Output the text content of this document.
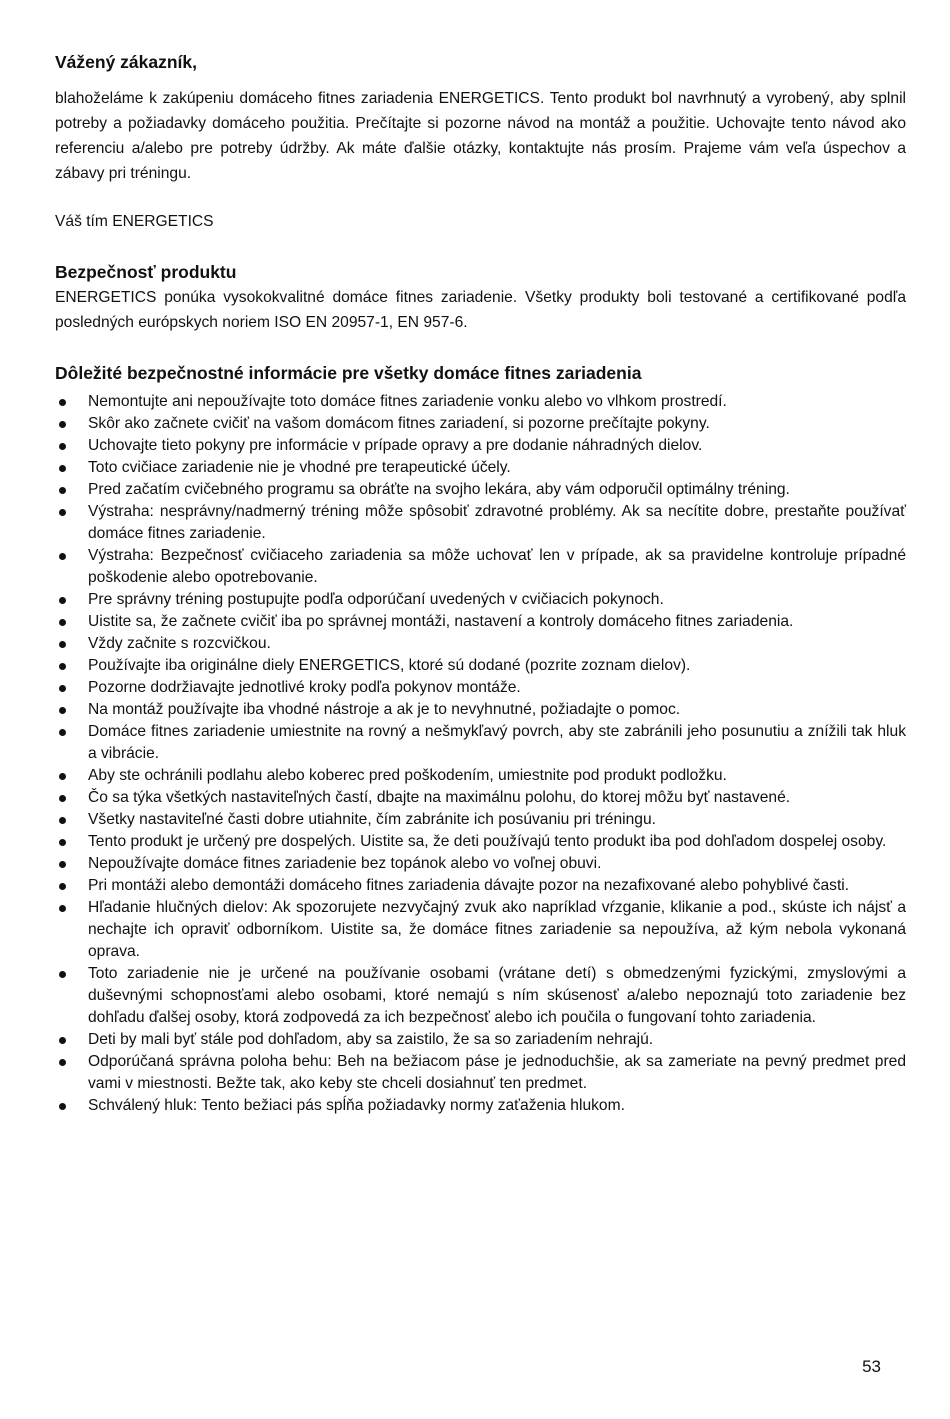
Vážený zákazník,

blahoželáme k zakúpeniu domáceho fitnes zariadenia ENERGETICS. Tento produkt bol navrhnutý a vyrobený, aby splnil potreby a požiadavky domáceho použitia. Prečítajte si pozorne návod na montáž a použitie. Uchovajte tento návod ako referenciu a/alebo pre potreby údržby. Ak máte ďalšie otázky, kontaktujte nás prosím. Prajeme vám veľa úspechov a zábavy pri tréningu.

Váš tím ENERGETICS

Bezpečnosť produktu

ENERGETICS ponúka vysokokvalitné domáce fitnes zariadenie. Všetky produkty boli testované a certifikované podľa posledných európskych noriem ISO EN 20957-1, EN 957-6.

Dôležité bezpečnostné informácie pre všetky domáce fitnes zariadenia
Nemontujte ani nepoužívajte toto domáce fitnes zariadenie vonku alebo vo vlhkom prostredí.
Skôr ako začnete cvičiť na vašom domácom fitnes zariadení, si pozorne prečítajte pokyny.
Uchovajte tieto pokyny pre informácie v prípade opravy a pre dodanie náhradných dielov.
Toto cvičiace zariadenie nie je vhodné pre terapeutické účely.
Pred začatím cvičebného programu sa obráťte na svojho lekára, aby vám odporučil optimálny tréning.
Výstraha: nesprávny/nadmerný tréning môže spôsobiť zdravotné problémy. Ak sa necítite dobre, prestaňte používať domáce fitnes zariadenie.
Výstraha: Bezpečnosť cvičiaceho zariadenia sa môže uchovať len v prípade, ak sa pravidelne kontroluje prípadné poškodenie alebo opotrebovanie.
Pre správny tréning postupujte podľa odporúčaní uvedených v cvičiacich pokynoch.
Uistite sa, že začnete cvičiť iba po správnej montáži, nastavení a kontroly domáceho fitnes zariadenia.
Vždy začnite s rozcvičkou.
Používajte iba originálne diely ENERGETICS, ktoré sú dodané (pozrite zoznam dielov).
Pozorne dodržiavajte jednotlivé kroky podľa pokynov montáže.
Na montáž používajte iba vhodné nástroje a ak je to nevyhnutné, požiadajte o pomoc.
Domáce fitnes zariadenie umiestnite na rovný a nešmykľavý povrch, aby ste zabránili jeho posunutiu a znížili tak hluk a vibrácie.
Aby ste ochránili podlahu alebo koberec pred poškodením, umiestnite pod produkt podložku.
Čo sa týka všetkých nastaviteľných častí, dbajte na maximálnu polohu, do ktorej môžu byť nastavené.
Všetky nastaviteľné časti dobre utiahnite, čím zabránite ich posúvaniu pri tréningu.
Tento produkt je určený pre dospelých. Uistite sa, že deti používajú tento produkt iba pod dohľadom dospelej osoby.
Nepoužívajte domáce fitnes zariadenie bez topánok alebo vo voľnej obuvi.
Pri montáži alebo demontáži domáceho fitnes zariadenia dávajte pozor na nezafixované alebo pohyblivé časti.
Hľadanie hlučných dielov: Ak spozorujete nezvyčajný zvuk ako napríklad vŕzganie, klikanie a pod., skúste ich nájsť a nechajte ich opraviť odborníkom. Uistite sa, že domáce fitnes zariadenie sa nepoužíva, až kým nebola vykonaná oprava.
Toto zariadenie nie je určené na používanie osobami (vrátane detí) s obmedzenými fyzickými, zmyslovými a duševnými schopnosťami alebo osobami, ktoré nemajú s ním skúsenosť a/alebo nepoznajú toto zariadenie bez dohľadu ďalšej osoby, ktorá zodpovedá za ich bezpečnosť alebo ich poučila o fungovaní tohto zariadenia.
Deti by mali byť stále pod dohľadom, aby sa zaistilo, že sa so zariadením nehrajú.
Odporúčaná správna poloha behu: Beh na bežiacom páse je jednoduchšie, ak sa zameriate na pevný predmet pred vami v miestnosti. Bežte tak, ako keby ste chceli dosiahnuť ten predmet.
Schválený hluk: Tento bežiaci pás spĺňa požiadavky normy zaťaženia hlukom.
53
